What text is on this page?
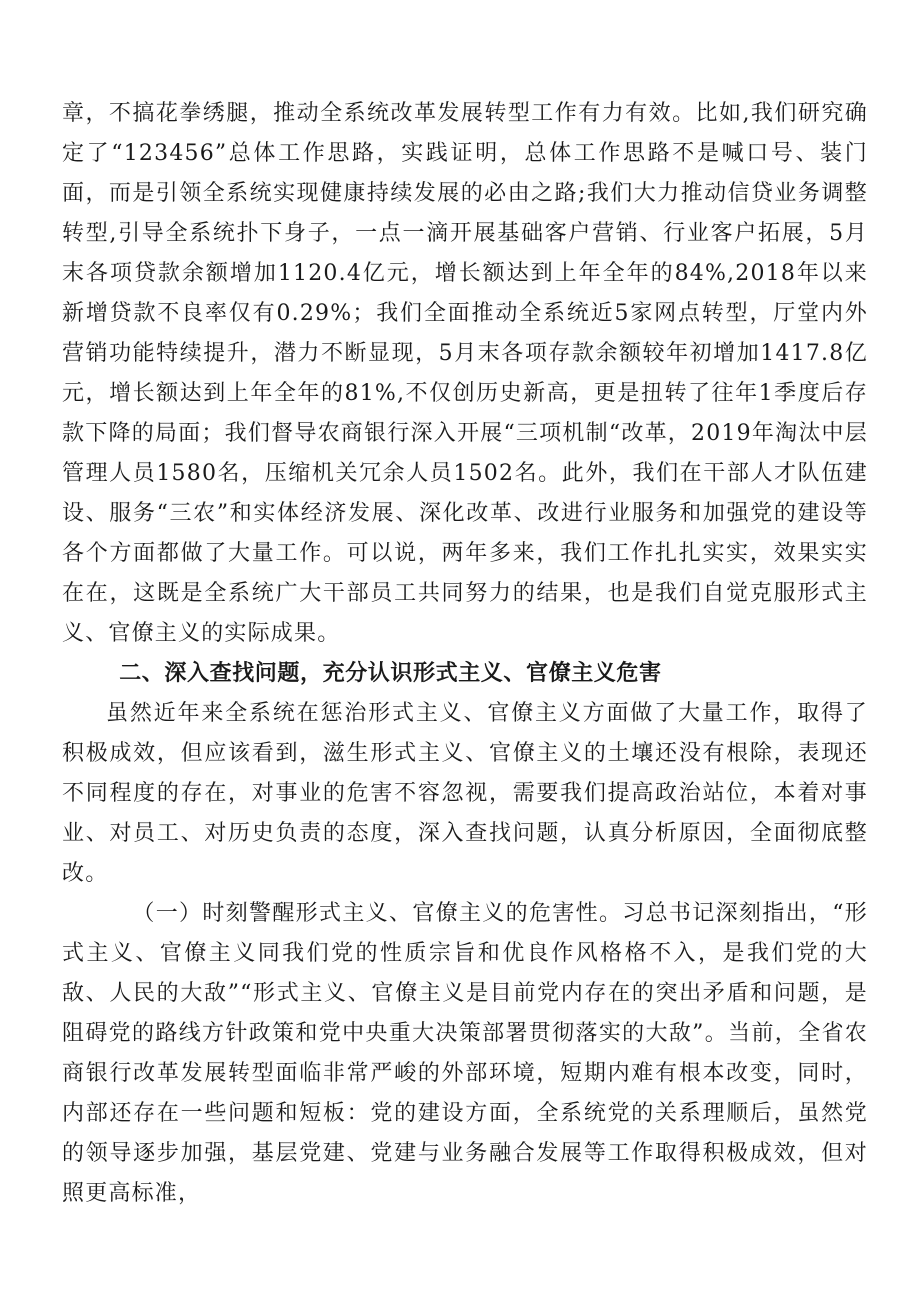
章，不搞花拳绣腿，推动全系统改革发展转型工作有力有效。比如,我们研究确定了“123456”总体工作思路，实践证明，总体工作思路不是喊口号、装门面，而是引领全系统实现健康持续发展的必由之路;我们大力推动信贷业务调整转型,引导全系统扑下身子，一点一滴开展基础客户营销、行业客户拓展，5月末各项贷款余额增加1120.4亿元，增长额达到上年全年的84%,2018年以来新增贷款不良率仅有0.29%；我们全面推动全系统近5家网点转型，厅堂内外营销功能特续提升，潜力不断显现，5月末各项存款余额较年初增加1417.8亿元，增长额达到上年全年的81%,不仅创历史新高，更是扭转了往年1季度后存款下降的局面；我们督导农商银行深入开展“三项机制“改革，2019年淘汰中层管理人员1580名，压缩机关冗余人员1502名。此外，我们在干部人才队伍建设、服务“三农”和实体经济发展、深化改革、改进行业服务和加强党的建设等各个方面都做了大量工作。可以说，两年多来，我们工作扎扎实实，效果实实在在，这既是全系统广大干部员工共同努力的结果，也是我们自觉克服形式主义、官僚主义的实际成果。

二、深入查找问题，充分认识形式主义、官僚主义危害

虽然近年来全系统在惩治形式主义、官僚主义方面做了大量工作，取得了积极成效，但应该看到，滋生形式主义、官僚主义的土壤还没有根除，表现还不同程度的存在，对事业的危害不容忽视，需要我们提高政治站位，本着对事业、对员工、对历史负责的态度，深入查找问题，认真分析原因，全面彻底整改。

（一）时刻警醒形式主义、官僚主义的危害性。习总书记深刻指出，“形式主义、官僚主义同我们党的性质宗旨和优良作风格格不入，是我们党的大敌、人民的大敌”“形式主义、官僚主义是目前党内存在的突出矛盾和问题，是阻碍党的路线方针政策和党中央重大决策部署贯彻落实的大敌”。当前，全省农商银行改革发展转型面临非常严峻的外部环境，短期内难有根本改变，同时，内部还存在一些问题和短板：党的建设方面，全系统党的关系理顺后，虽然党的领导逐步加强，基层党建、党建与业务融合发展等工作取得积极成效，但对照更高标准，
